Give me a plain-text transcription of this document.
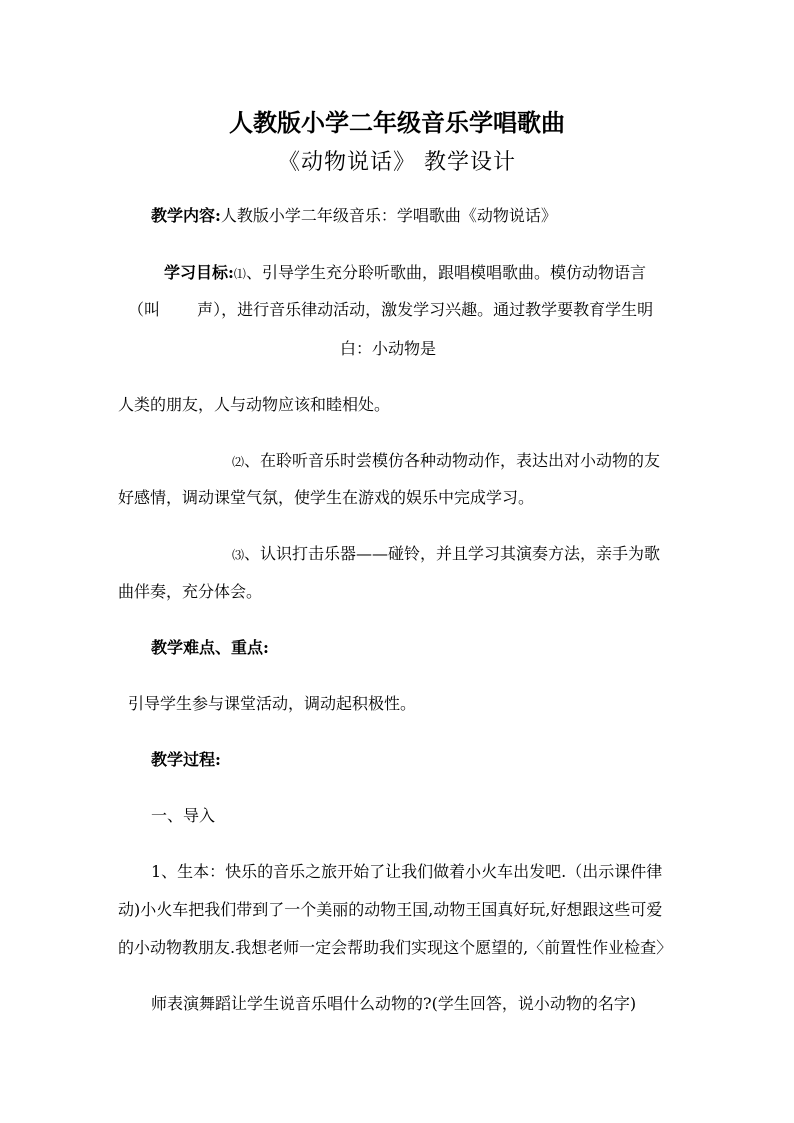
人教版小学二年级音乐学唱歌曲
《动物说话》 教学设计
教学内容:人教版小学二年级音乐：学唱歌曲《动物说话》
学习目标:⑴、引导学生充分聆听歌曲，跟唱模唱歌曲。模仿动物语言
（叫　　 声），进行音乐律动活动，激发学习兴趣。通过教学要教育学生明
白：小动物是
人类的朋友，人与动物应该和睦相处。
⑵、在聆听音乐时尝模仿各种动物动作，表达出对小动物的友
好感情，调动课堂气氛，使学生在游戏的娱乐中完成学习。
⑶、认识打击乐器——碰铃，并且学习其演奏方法，亲手为歌
曲伴奏，充分体会。
教学难点、重点:
引导学生参与课堂活动，调动起积极性。
教学过程:
一、导入
1、生本：快乐的音乐之旅开始了让我们做着小火车出发吧.（出示课件律
动)小火车把我们带到了一个美丽的动物王国,动物王国真好玩,好想跟这些可爱
的小动物教朋友.我想老师一定会帮助我们实现这个愿望的,〈前置性作业检查〉
师表演舞蹈让学生说音乐唱什么动物的?(学生回答，说小动物的名字)
